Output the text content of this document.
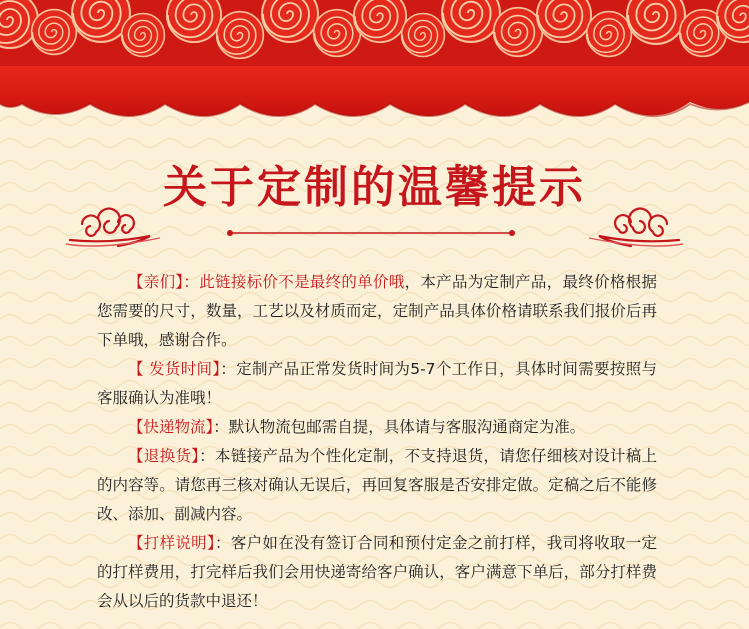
关于定制的温馨提示

【亲们】：此链接标价不是最终的单价哦，本产品为定制产品，最终价格根据您需要的尺寸，数量，工艺以及材质而定，定制产品具体价格请联系我们报价后再下单哦，感谢合作。

【 发货时间】：定制产品正常发货时间为5-7个工作日，具体时间需要按照与客服确认为准哦！

【快递物流】：默认物流包邮需自提，具体请与客服沟通商定为准。

【退换货】：本链接产品为个性化定制，不支持退货，请您仔细核对设计稿上的内容等。请您再三核对确认无误后，再回复客服是否安排定做。定稿之后不能修改、添加、副减内容。

【打样说明】：客户如在没有签订合同和预付定金之前打样，我司将收取一定的打样费用，打完样后我们会用快递寄给客户确认，客户满意下单后，部分打样费会从以后的货款中退还！
